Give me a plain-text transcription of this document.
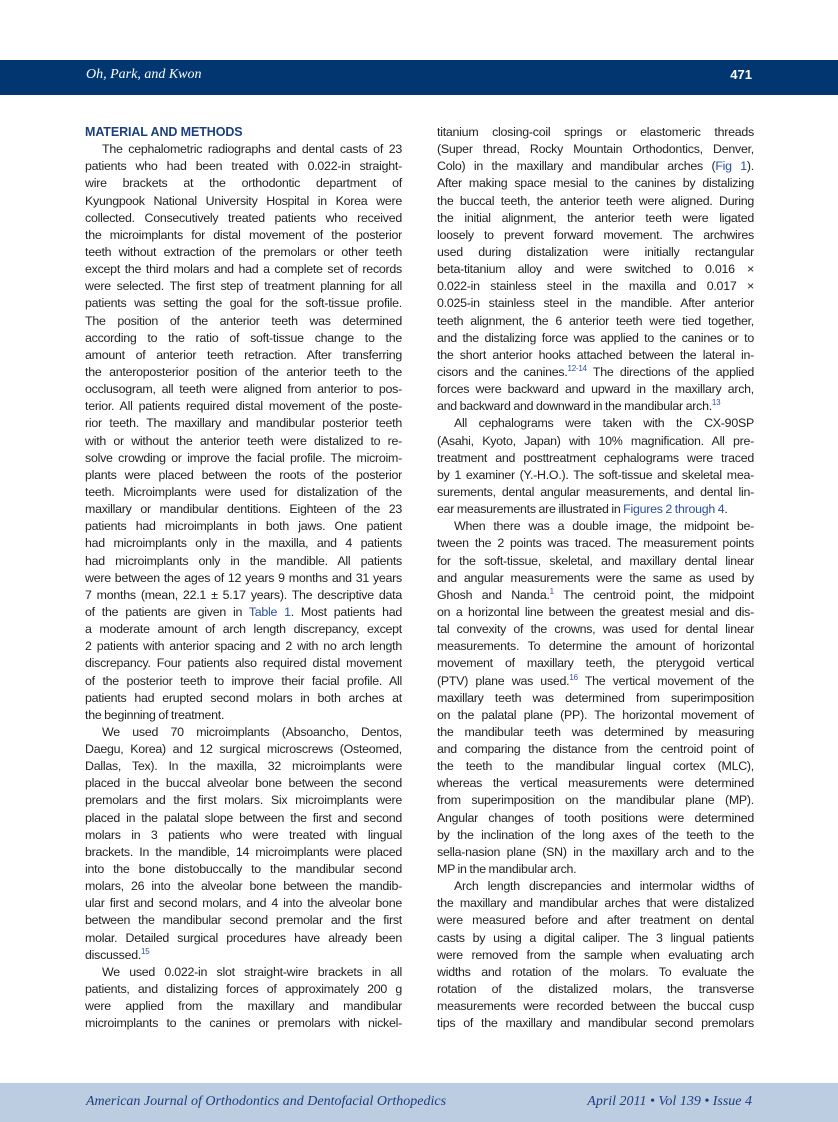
Oh, Park, and Kwon	471
MATERIAL AND METHODS
The cephalometric radiographs and dental casts of 23
patients who had been treated with 0.022-in straight-
wire brackets at the orthodontic department of
Kyungpook National University Hospital in Korea were
collected. Consecutively treated patients who received
the microimplants for distal movement of the posterior
teeth without extraction of the premolars or other teeth
except the third molars and had a complete set of records
were selected. The first step of treatment planning for all
patients was setting the goal for the soft-tissue profile.
The position of the anterior teeth was determined
according to the ratio of soft-tissue change to the
amount of anterior teeth retraction. After transferring
the anteroposterior position of the anterior teeth to the
occlusogram, all teeth were aligned from anterior to pos-
terior. All patients required distal movement of the poste-
rior teeth. The maxillary and mandibular posterior teeth
with or without the anterior teeth were distalized to re-
solve crowding or improve the facial profile. The microim-
plants were placed between the roots of the posterior
teeth. Microimplants were used for distalization of the
maxillary or mandibular dentitions. Eighteen of the 23
patients had microimplants in both jaws. One patient
had microimplants only in the maxilla, and 4 patients
had microimplants only in the mandible. All patients
were between the ages of 12 years 9 months and 31 years
7 months (mean, 22.1 ± 5.17 years). The descriptive data
of the patients are given in Table 1. Most patients had
a moderate amount of arch length discrepancy, except
2 patients with anterior spacing and 2 with no arch length
discrepancy. Four patients also required distal movement
of the posterior teeth to improve their facial profile. All
patients had erupted second molars in both arches at
the beginning of treatment.
We used 70 microimplants (Absoancho, Dentos,
Daegu, Korea) and 12 surgical microscrews (Osteomed,
Dallas, Tex). In the maxilla, 32 microimplants were
placed in the buccal alveolar bone between the second
premolars and the first molars. Six microimplants were
placed in the palatal slope between the first and second
molars in 3 patients who were treated with lingual
brackets. In the mandible, 14 microimplants were placed
into the bone distobuccally to the mandibular second
molars, 26 into the alveolar bone between the mandib-
ular first and second molars, and 4 into the alveolar bone
between the mandibular second premolar and the first
molar. Detailed surgical procedures have already been
discussed.$^{15}$
We used 0.022-in slot straight-wire brackets in all
patients, and distalizing forces of approximately 200 g
were applied from the maxillary and mandibular
microimplants to the canines or premolars with nickel-
titanium closing-coil springs or elastomeric threads
(Super thread, Rocky Mountain Orthodontics, Denver,
Colo) in the maxillary and mandibular arches (Fig 1).
After making space mesial to the canines by distalizing
the buccal teeth, the anterior teeth were aligned. During
the initial alignment, the anterior teeth were ligated
loosely to prevent forward movement. The archwires
used during distalization were initially rectangular
beta-titanium alloy and were switched to 0.016 ×
0.022-in stainless steel in the maxilla and 0.017 ×
0.025-in stainless steel in the mandible. After anterior
teeth alignment, the 6 anterior teeth were tied together,
and the distalizing force was applied to the canines or to
the short anterior hooks attached between the lateral in-
cisors and the canines.$^{12-14}$ The directions of the applied
forces were backward and upward in the maxillary arch,
and backward and downward in the mandibular arch.$^{13}$
All cephalograms were taken with the CX-90SP
(Asahi, Kyoto, Japan) with 10% magnification. All pre-
treatment and posttreatment cephalograms were traced
by 1 examiner (Y.-H.O.). The soft-tissue and skeletal mea-
surements, dental angular measurements, and dental lin-
ear measurements are illustrated in Figures 2 through 4.
When there was a double image, the midpoint be-
tween the 2 points was traced. The measurement points
for the soft-tissue, skeletal, and maxillary dental linear
and angular measurements were the same as used by
Ghosh and Nanda.$^1$ The centroid point, the midpoint
on a horizontal line between the greatest mesial and dis-
tal convexity of the crowns, was used for dental linear
measurements. To determine the amount of horizontal
movement of maxillary teeth, the pterygoid vertical
(PTV) plane was used.$^{16}$ The vertical movement of the
maxillary teeth was determined from superimposition
on the palatal plane (PP). The horizontal movement of
the mandibular teeth was determined by measuring
and comparing the distance from the centroid point of
the teeth to the mandibular lingual cortex (MLC),
whereas the vertical measurements were determined
from superimposition on the mandibular plane (MP).
Angular changes of tooth positions were determined
by the inclination of the long axes of the teeth to the
sella-nasion plane (SN) in the maxillary arch and to the
MP in the mandibular arch.
Arch length discrepancies and intermolar widths of
the maxillary and mandibular arches that were distalized
were measured before and after treatment on dental
casts by using a digital caliper. The 3 lingual patients
were removed from the sample when evaluating arch
widths and rotation of the molars. To evaluate the
rotation of the distalized molars, the transverse
measurements were recorded between the buccal cusp
tips of the maxillary and mandibular second premolars
American Journal of Orthodontics and Dentofacial Orthopedics	April 2011 • Vol 139 • Issue 4
